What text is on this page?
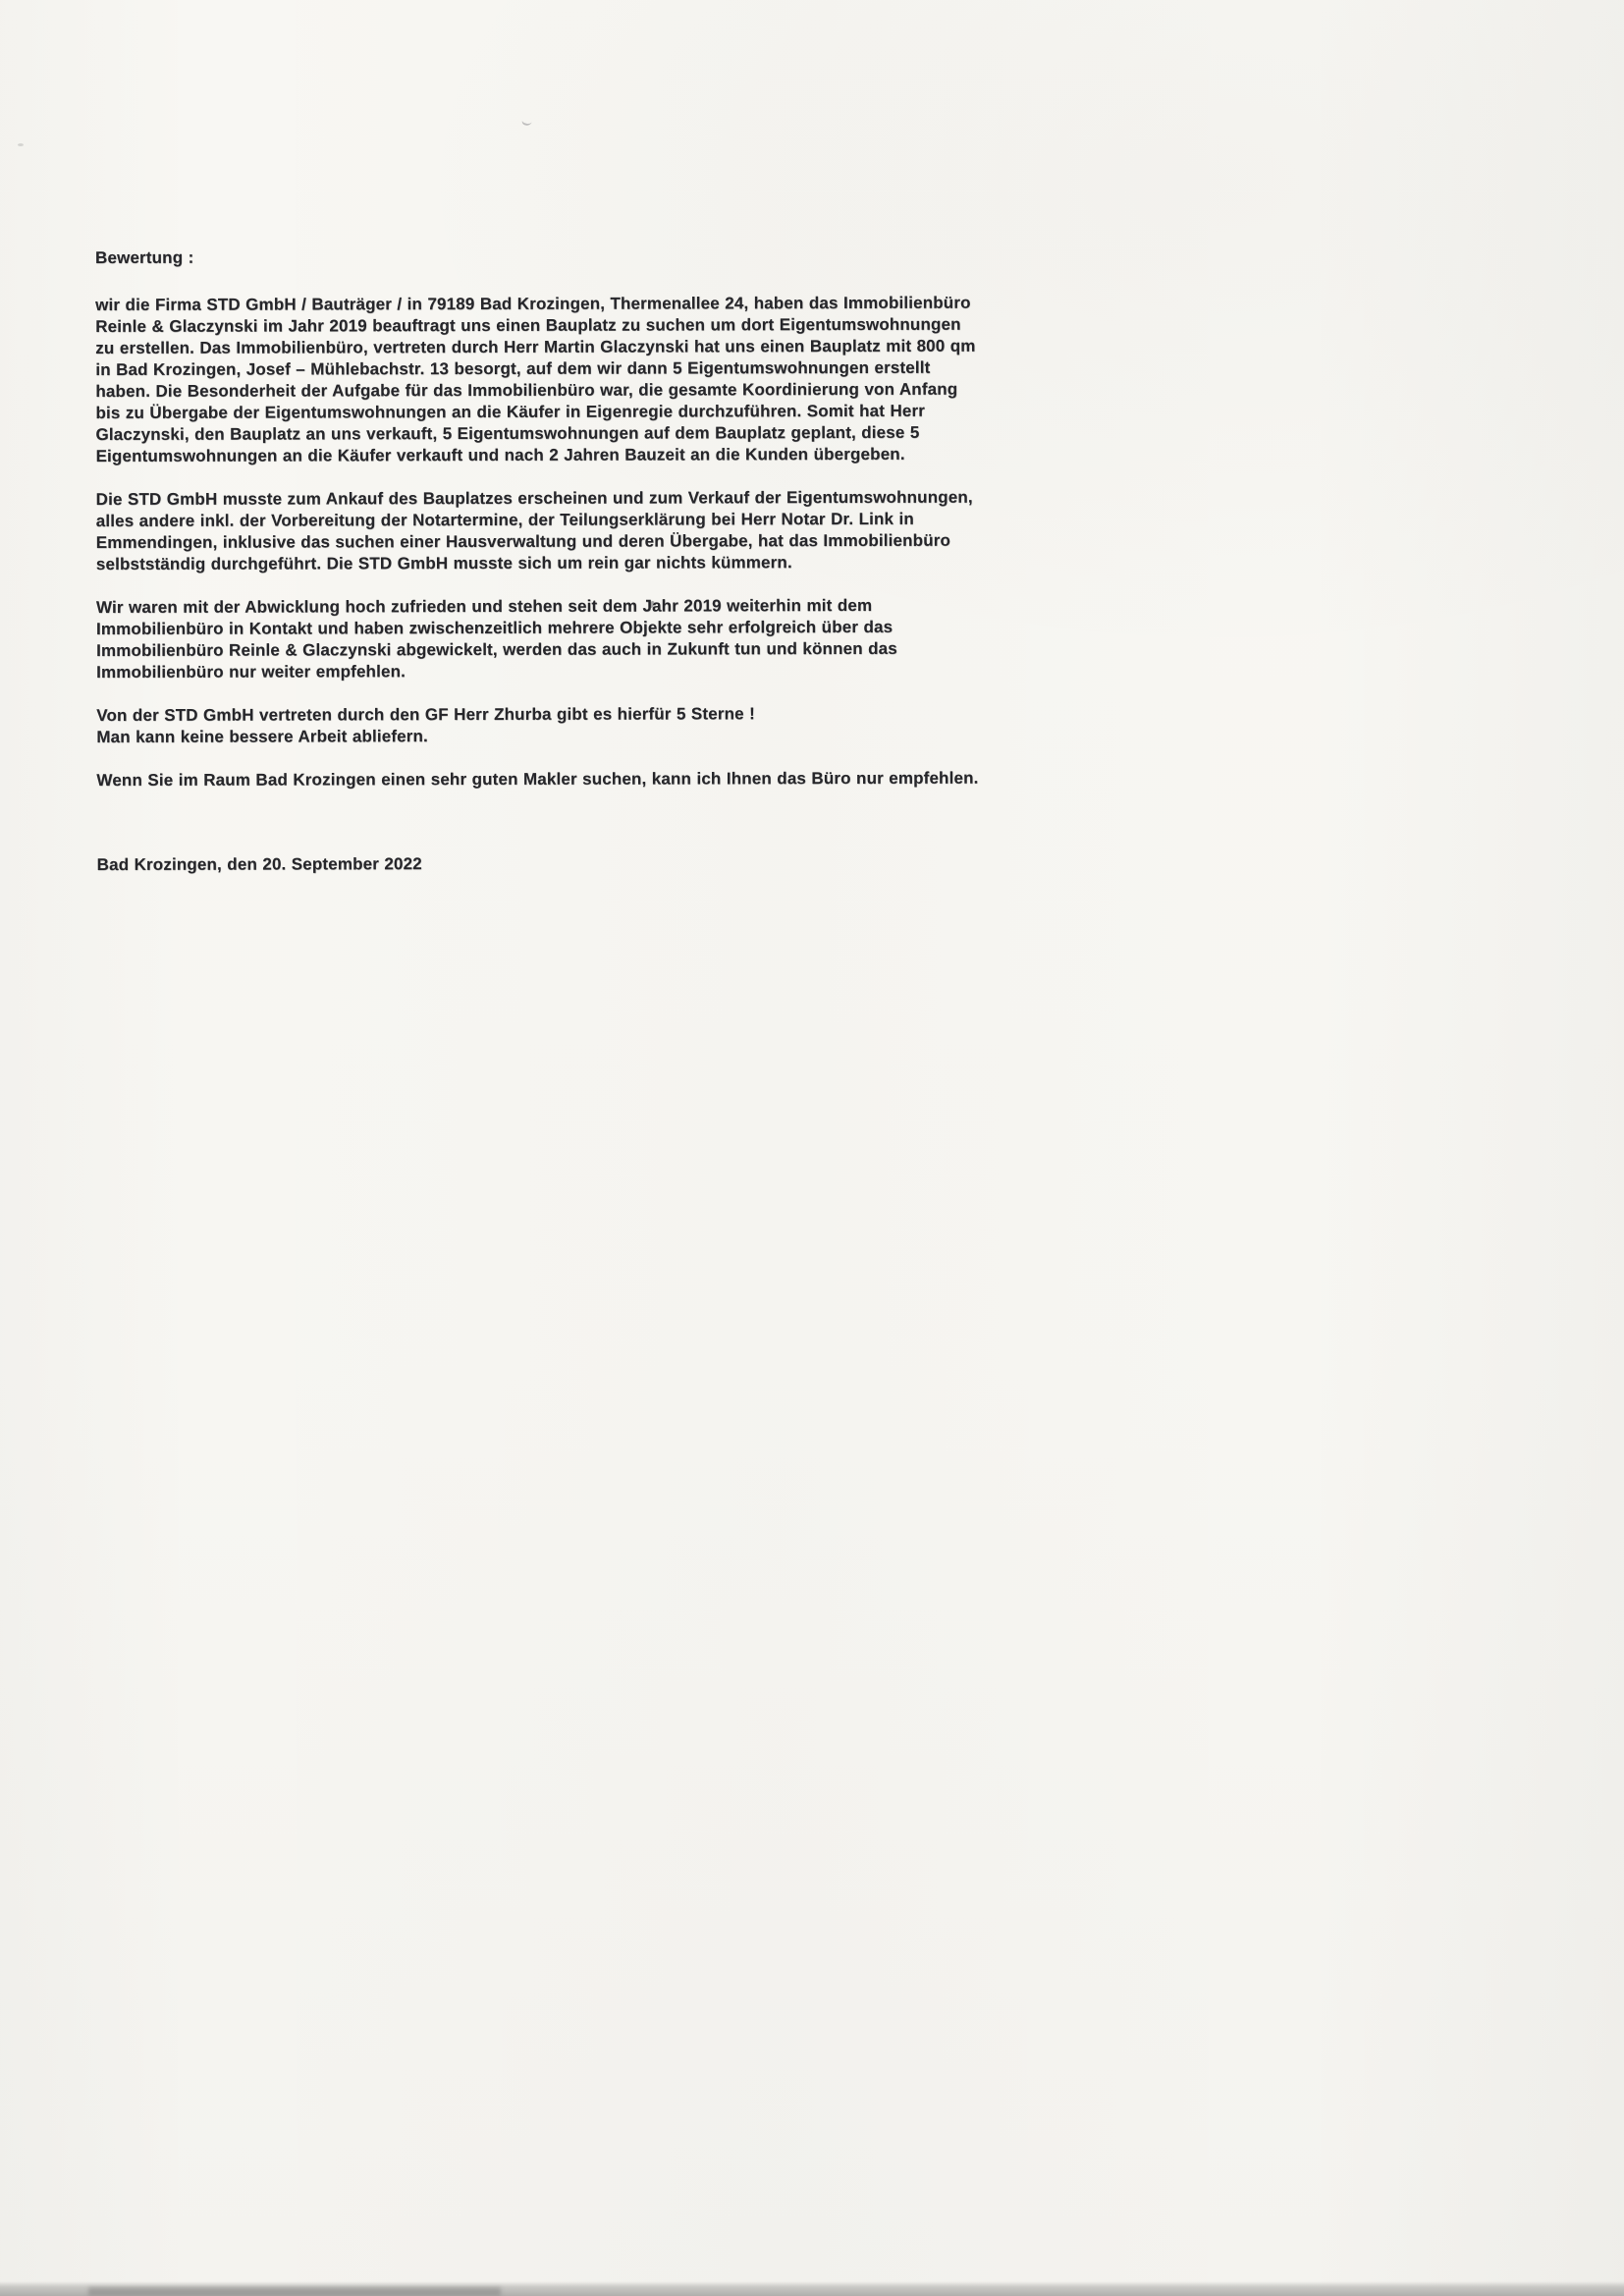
Bewertung :

wir die Firma STD GmbH / Bauträger / in 79189 Bad Krozingen, Thermenallee 24, haben das Immobilienbüro Reinle & Glaczynski im Jahr 2019 beauftragt uns einen Bauplatz zu suchen um dort Eigentumswohnungen zu erstellen. Das Immobilienbüro, vertreten durch Herr Martin Glaczynski hat uns einen Bauplatz mit 800 qm in Bad Krozingen, Josef – Mühlebachstr. 13 besorgt, auf dem wir dann 5 Eigentumswohnungen erstellt haben. Die Besonderheit der Aufgabe für das Immobilienbüro war, die gesamte Koordinierung von Anfang bis zu Übergabe der Eigentumswohnungen an die Käufer in Eigenregie durchzuführen. Somit hat Herr Glaczynski, den Bauplatz an uns verkauft, 5 Eigentumswohnungen auf dem Bauplatz geplant, diese 5 Eigentumswohnungen an die Käufer verkauft und nach 2 Jahren Bauzeit an die Kunden übergeben.

Die STD GmbH musste zum Ankauf des Bauplatzes erscheinen und zum Verkauf der Eigentumswohnungen, alles andere inkl. der Vorbereitung der Notartermine, der Teilungserklärung bei Herr Notar Dr. Link in Emmendingen, inklusive das suchen einer Hausverwaltung und deren Übergabe, hat das Immobilienbüro selbstständig durchgeführt. Die STD GmbH musste sich um rein gar nichts kümmern.

Wir waren mit der Abwicklung hoch zufrieden und stehen seit dem Jahr 2019 weiterhin mit dem Immobilienbüro in Kontakt und haben zwischenzeitlich mehrere Objekte sehr erfolgreich über das Immobilienbüro Reinle & Glaczynski abgewickelt, werden das auch in Zukunft tun und können das Immobilienbüro nur weiter empfehlen.

Von der STD GmbH vertreten durch den GF Herr Zhurba gibt es hierfür 5 Sterne !
Man kann keine bessere Arbeit abliefern.

Wenn Sie im Raum Bad Krozingen einen sehr guten Makler suchen, kann ich Ihnen das Büro nur empfehlen.

Bad Krozingen, den 20. September 2022
